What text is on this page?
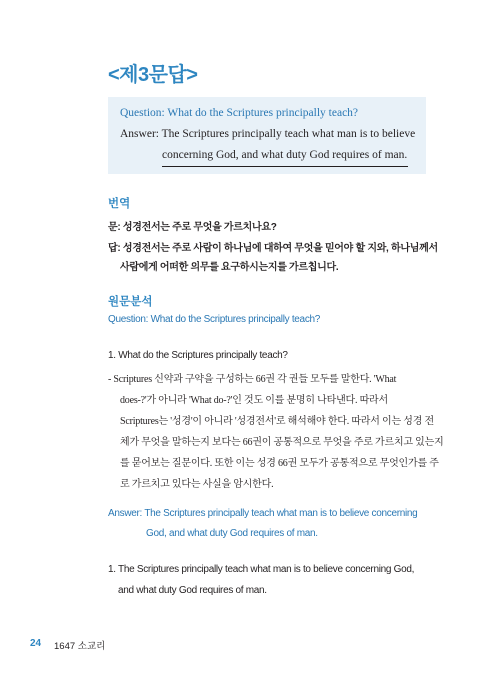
<제3문답>
Question: What do the Scriptures principally teach?
Answer: The Scriptures principally teach what man is to believe
concerning God, and what duty God requires of man.
번역
문: 성경전서는 주로 무엇을 가르치나요?
답: 성경전서는 주로 사람이 하나님에 대하여 무엇을 믿어야 할 지와, 하나님께서
사람에게 어떠한 의무를 요구하시는지를 가르칩니다.
원문분석
Question: What do the Scriptures principally teach?
1. What do the Scriptures principally teach?
- Scriptures 신약과 구약을 구성하는 66권 각 권들 모두를 말한다. 'What
does-?'가 아니라 'What do-?'인 것도 이를 분명히 나타낸다. 따라서
Scriptures는 '성경'이 아니라 '성경전서'로 해석해야 한다. 따라서 이는 성경 전
체가 무엇을 말하는지 보다는 66권이 공통적으로 무엇을 주로 가르치고 있는지
를 묻어보는 질문이다. 또한 이는 성경 66권 모두가 공통적으로 무엇인가를 주
로 가르치고 있다는 사실을 암시한다.
Answer: The Scriptures principally teach what man is to believe concerning
God, and what duty God requires of man.
1. The Scriptures principally teach what man is to believe concerning God,
and what duty God requires of man.
24 1647 소교리
